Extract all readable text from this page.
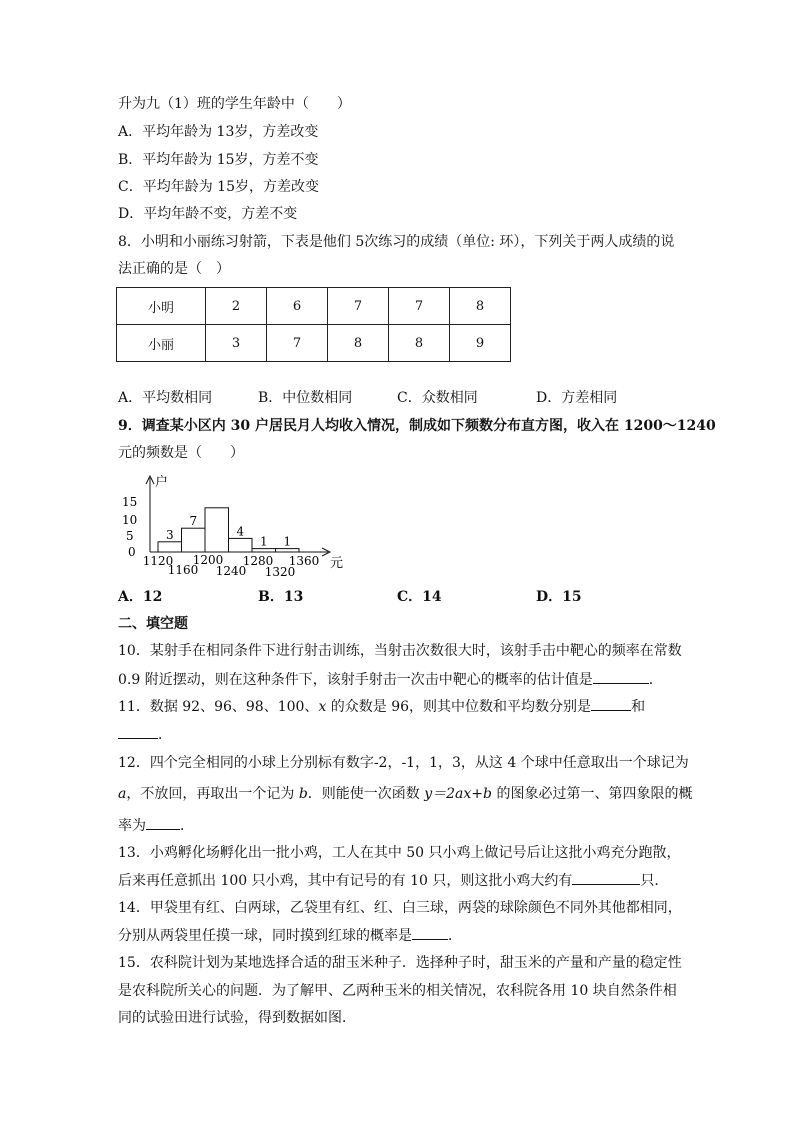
升为九（1）班的学生年龄中（　　）
A．平均年龄为 13岁，方差改变
B．平均年龄为 15岁，方差不变
C．平均年龄为 15岁，方差改变
D．平均年龄不变，方差不变
8．小明和小丽练习射箭，下表是他们 5次练习的成绩（单位: 环），下列关于两人成绩的说
法正确的是（　）
小明	2	6	7	7	8
小丽	3	7	8	8	9
A．平均数相同	B．中位数相同	C．众数相同	D．方差相同
9．调查某小区内 30 户居民月人均收入情况，制成如下频数分布直方图，收入在 1200～1240
元的频数是（　　）
户
元
15
10
5
0
3
7
4
1 1
1120 1200 1280 1360
1160 1240 1320
A．12	B．13	C．14	D．15
二、填空题
10．某射手在相同条件下进行射击训练，当射击次数很大时，该射手击中靶心的频率在常数
0.9 附近摆动，则在这种条件下，该射手射击一次击中靶心的概率的估计值是	．
11．数据 92、96、98、100、x 的众数是 96，则其中位数和平均数分别是	和
．
12．四个完全相同的小球上分别标有数字-2，-1，1，3，从这 4 个球中任意取出一个球记为
a，不放回，再取出一个记为 b．则能使一次函数 y＝2ax+b 的图象必过第一、第四象限的概
率为 ．
13．小鸡孵化场孵化出一批小鸡，工人在其中 50 只小鸡上做记号后让这批小鸡充分跑散，
后来再任意抓出 100 只小鸡，其中有记号的有 10 只，则这批小鸡大约有	只．
14．甲袋里有红、白两球，乙袋里有红、红、白三球，两袋的球除颜色不同外其他都相同，
分别从两袋里任摸一球，同时摸到红球的概率是	．
15．农科院计划为某地选择合适的甜玉米种子．选择种子时，甜玉米的产量和产量的稳定性
是农科院所关心的问题．为了解甲、乙两种玉米的相关情况，农科院各用 10 块自然条件相
同的试验田进行试验，得到数据如图．
